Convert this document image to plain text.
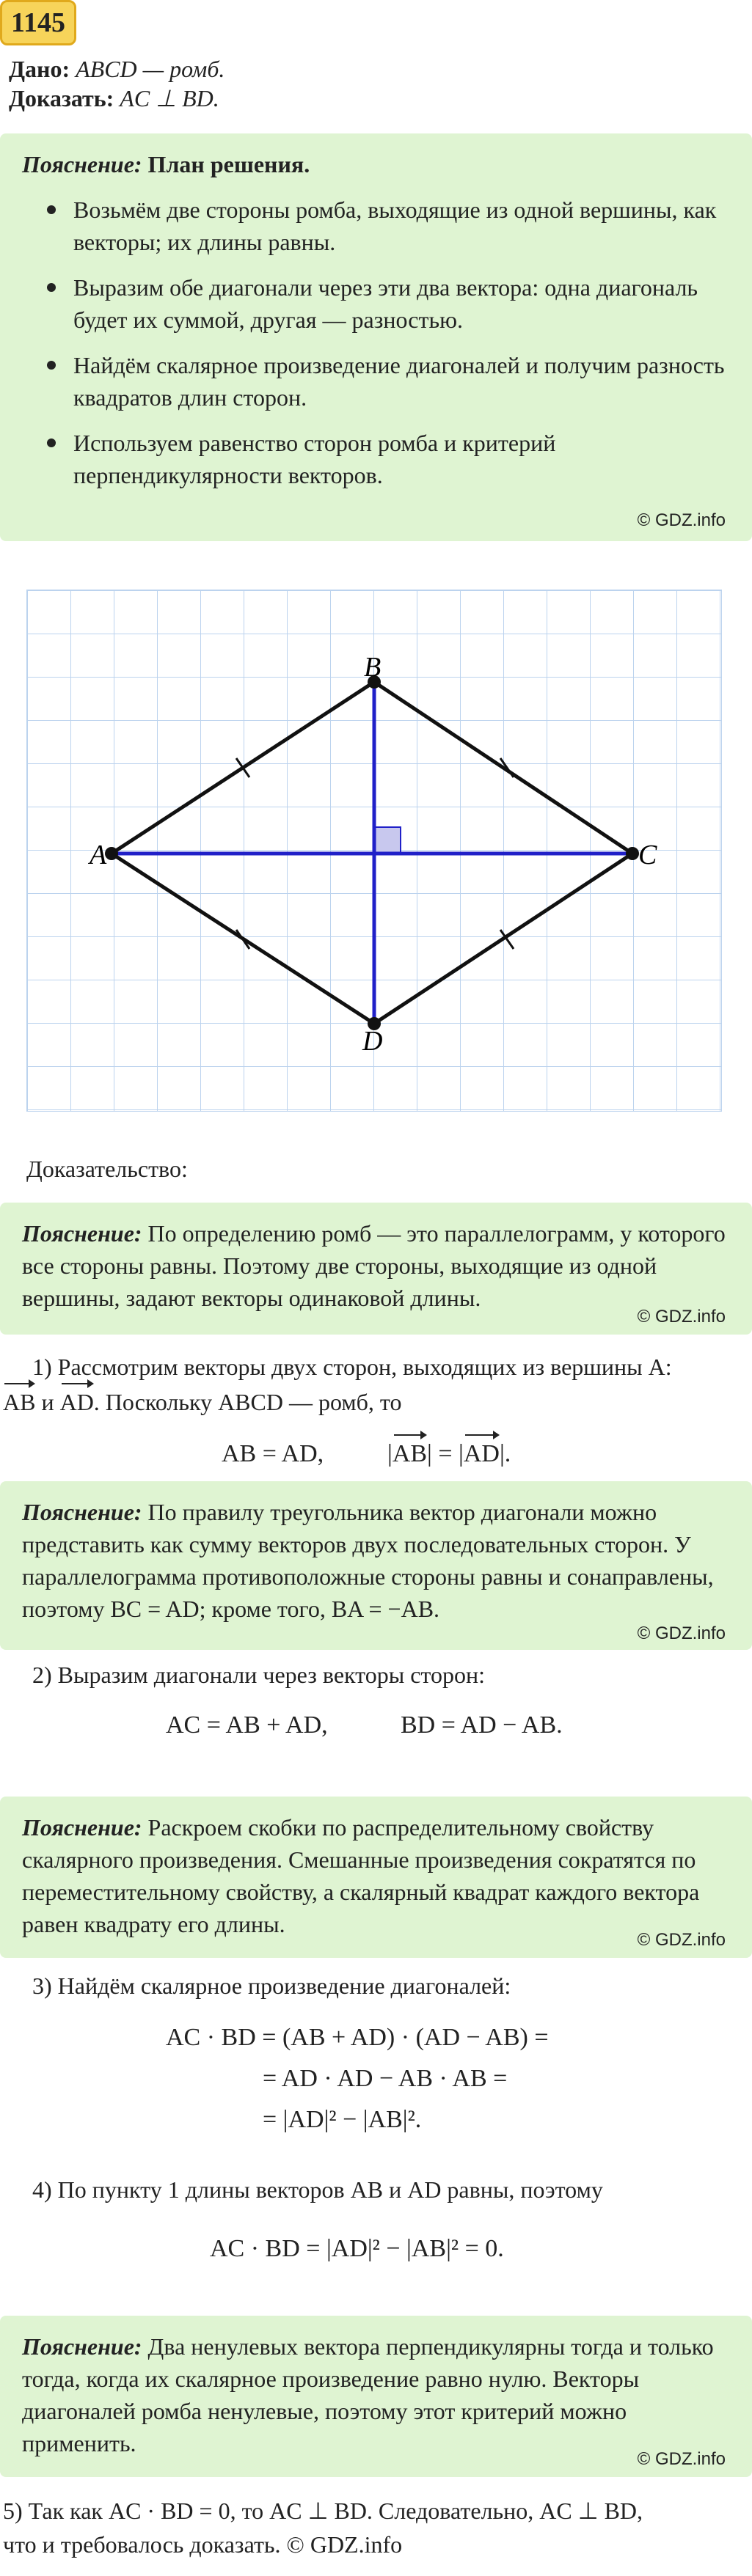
1145
Дано: ABCD — ромб.
Доказать: AC ⊥ BD.
Пояснение: План решения.
Возьмём две стороны ромба, выходящие из одной вершины, как векторы; их длины равны.
Выразим обе диагонали через эти два вектора: одна диагональ будет их суммой, другая — разностью.
Найдём скалярное произведение диагоналей и получим разность квадратов длин сторон.
Используем равенство сторон ромба и критерий перпендикулярности векторов.
© GDZ.info
A
B
C
D
Доказательство:
Пояснение: По определению ромб — это параллелограмм, у которого все стороны равны. Поэтому две стороны, выходящие из одной вершины, задают векторы одинаковой длины.
© GDZ.info
1) Рассмотрим векторы двух сторон, выходящих из вершины A:
AB и AD. Поскольку ABCD — ромб, то
AB = AD,	|AB| = |AD|.
Пояснение: По правилу треугольника вектор диагонали можно представить как сумму векторов двух последовательных сторон. У параллелограмма противоположные стороны равны и сонаправлены, поэтому BC = AD; кроме того, BA = −AB.
© GDZ.info
2) Выразим диагонали через векторы сторон:
AC = AB + AD,	BD = AD − AB.
Пояснение: Раскроем скобки по распределительному свойству скалярного произведения. Смешанные произведения сократятся по переместительному свойству, а скалярный квадрат каждого вектора равен квадрату его длины.
© GDZ.info
3) Найдём скалярное произведение диагоналей:
AC · BD = (AB + AD) · (AD − AB) =
= AD · AD − AB · AB =
= |AD|² − |AB|².
4) По пункту 1 длины векторов AB и AD равны, поэтому
AC · BD = |AD|² − |AB|² = 0.
Пояснение: Два ненулевых вектора перпендикулярны тогда и только тогда, когда их скалярное произведение равно нулю. Векторы диагоналей ромба ненулевые, поэтому этот критерий можно применить.
© GDZ.info
5) Так как AC · BD = 0, то AC ⊥ BD. Следовательно, AC ⊥ BD,
что и требовалось доказать. © GDZ.info
